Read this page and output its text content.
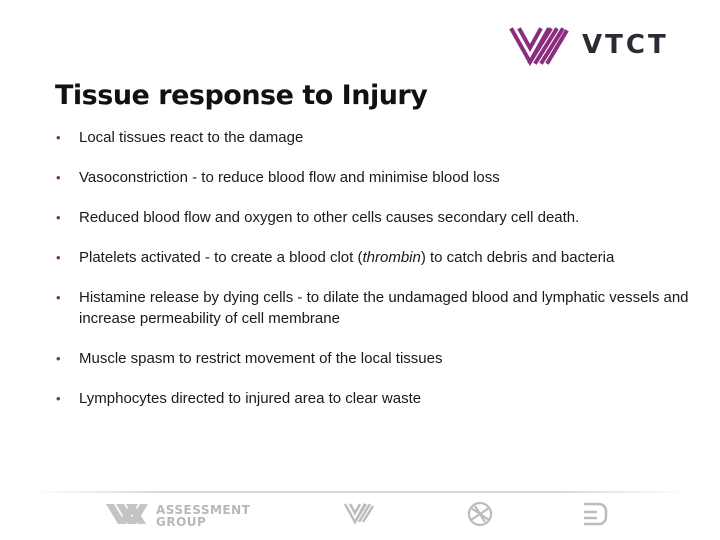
VTCT
Tissue response to Injury
• Local tissues react to the damage
• Vasoconstriction - to reduce blood flow and minimise blood loss
• Reduced blood flow and oxygen to other cells causes secondary cell death.
• Platelets activated - to create a blood clot (thrombin) to catch debris and bacteria
• Histamine release by dying cells - to dilate the undamaged blood and lymphatic vessels and increase permeability of cell membrane
• Muscle spasm to restrict movement of the local tissues
• Lymphocytes directed to injured area to clear waste
ASSESSMENT
GROUP
